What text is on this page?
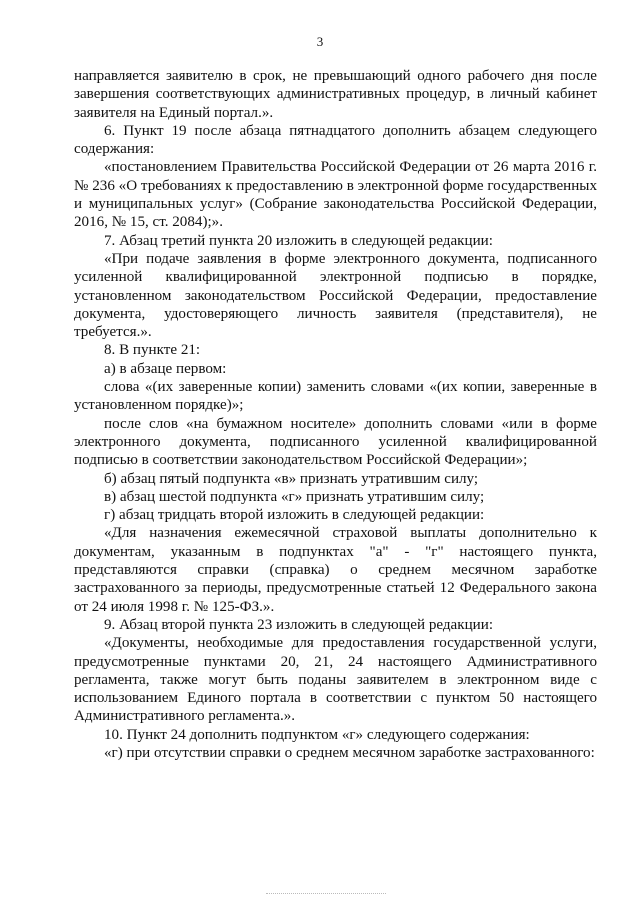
3

направляется заявителю в срок, не превышающий одного рабочего дня после завершения соответствующих административных процедур, в личный кабинет заявителя на Единый портал.».

6. Пункт 19 после абзаца пятнадцатого дополнить абзацем следующего содержания:

«постановлением Правительства Российской Федерации от 26 марта 2016 г. № 236 «О требованиях к предоставлению в электронной форме государственных и муниципальных услуг» (Собрание законодательства Российской Федерации, 2016, № 15, ст. 2084);».

7. Абзац третий пункта 20 изложить в следующей редакции:

«При подаче заявления в форме электронного документа, подписанного усиленной квалифицированной электронной подписью в порядке, установленном законодательством Российской Федерации, предоставление документа, удостоверяющего личность заявителя (представителя), не требуется.».

8. В пункте 21:

а) в абзаце первом:

слова «(их заверенные копии) заменить словами «(их копии, заверенные в установленном порядке)»;

после слов «на бумажном носителе» дополнить словами «или в форме электронного документа, подписанного усиленной квалифицированной подписью в соответствии законодательством Российской Федерации»;

б) абзац пятый подпункта «в» признать утратившим силу;

в) абзац шестой подпункта «г» признать утратившим силу;

г) абзац тридцать второй изложить в следующей редакции:

«Для назначения ежемесячной страховой выплаты дополнительно к документам, указанным в подпунктах "а" - "г" настоящего пункта, представляются справки (справка) о среднем месячном заработке застрахованного за периоды, предусмотренные статьей 12 Федерального закона от 24 июля 1998 г. № 125-ФЗ.».

9. Абзац второй пункта 23 изложить в следующей редакции:

«Документы, необходимые для предоставления государственной услуги, предусмотренные пунктами 20, 21, 24 настоящего Административного регламента, также могут быть поданы заявителем в электронном виде с использованием Единого портала в соответствии с пунктом 50 настоящего Административного регламента.».

10. Пункт 24 дополнить подпунктом «г» следующего содержания:

«г) при отсутствии справки о среднем месячном заработке застрахованного:
